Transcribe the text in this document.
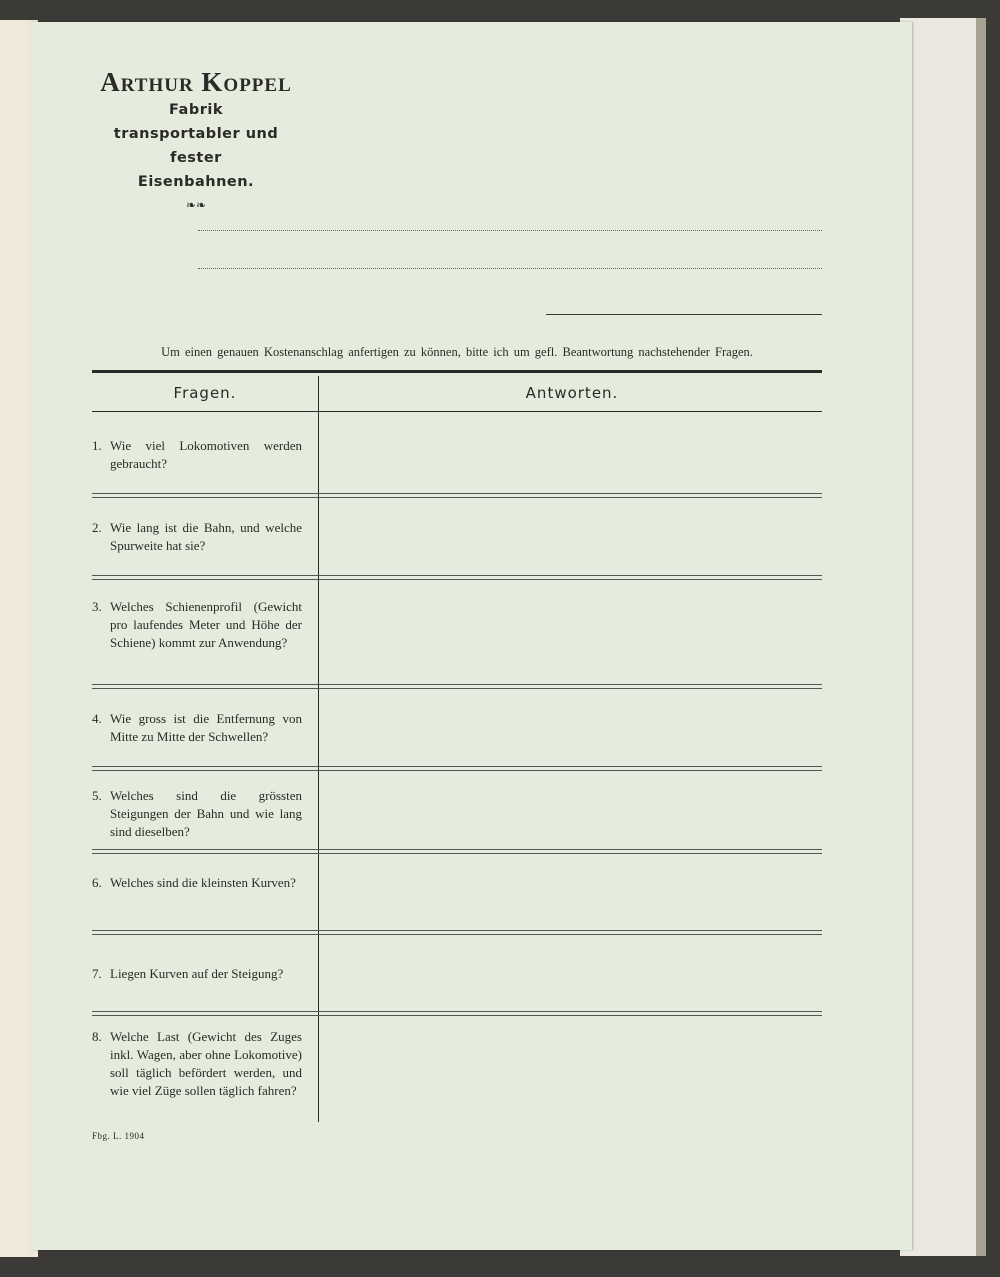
Arthur Koppel
Fabrik
transportabler und fester
Eisenbahnen.
❧❧
Um einen genauen Kostenanschlag anfertigen zu können, bitte ich um gefl. Beantwortung nachstehender Fragen.
Fragen.	Antworten.
1. Wie viel Lokomotiven werden gebraucht?
2. Wie lang ist die Bahn, und welche Spurweite hat sie?
3. Welches Schienenprofil (Gewicht pro laufendes Meter und Höhe der Schiene) kommt zur Anwendung?
4. Wie gross ist die Entfernung von Mitte zu Mitte der Schwellen?
5. Welches sind die grössten Steigungen der Bahn und wie lang sind dieselben?
6. Welches sind die kleinsten Kurven?
7. Liegen Kurven auf der Steigung?
8. Welche Last (Gewicht des Zuges inkl. Wagen, aber ohne Lokomotive) soll täglich befördert werden, und wie viel Züge sollen täglich fahren?
Fbg. L. 1904
